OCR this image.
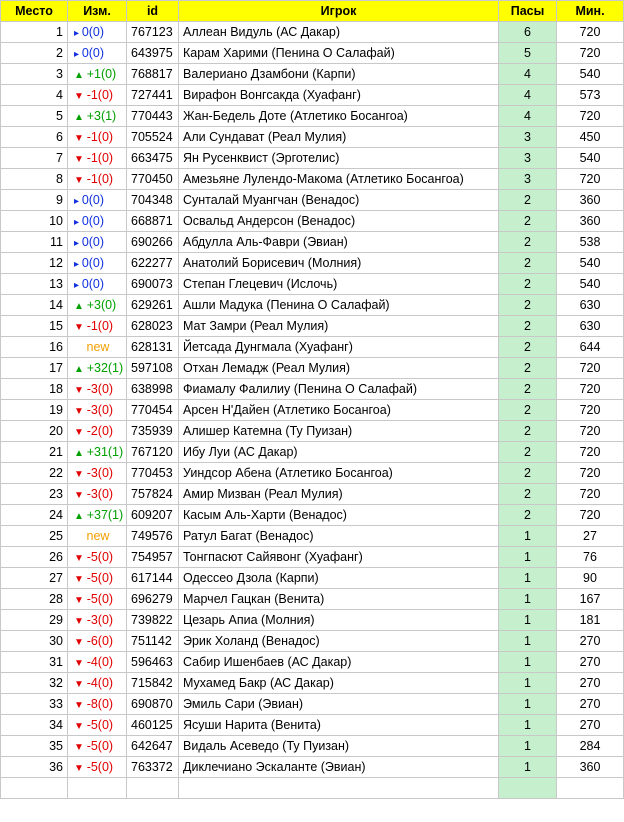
Место	Изм.	id	Игрок	Пасы	Мин.
1	▸ 0(0)	767123	Аллеан Видуль (АС Дакар)	6	720
2	▸ 0(0)	643975	Карам Харими (Пенина О Салафай)	5	720
3	▲ +1(0)	768817	Валериано Дзамбони (Карпи)	4	540
4	▼ -1(0)	727441	Вирафон Вонгсакда (Хуафанг)	4	573
5	▲ +3(1)	770443	Жан-Бедель Доте (Атлетико Босангоа)	4	720
6	▼ -1(0)	705524	Али Сундават (Реал Мулия)	3	450
7	▼ -1(0)	663475	Ян Русенквист (Эрготелис)	3	540
8	▼ -1(0)	770450	Амезьяне Лулендо-Макома (Атлетико Босангоа)	3	720
9	▸ 0(0)	704348	Сунталай Муангчан (Венадос)	2	360
10	▸ 0(0)	668871	Освальд Андерсон (Венадос)	2	360
11	▸ 0(0)	690266	Абдулла Аль-Фаври (Эвиан)	2	538
12	▸ 0(0)	622277	Анатолий Борисевич (Молния)	2	540
13	▸ 0(0)	690073	Степан Глецевич (Ислочь)	2	540
14	▲ +3(0)	629261	Ашли Мадука (Пенина О Салафай)	2	630
15	▼ -1(0)	628023	Мат Замри (Реал Мулия)	2	630
16	new	628131	Йетсада Дунгмала (Хуафанг)	2	644
17	▲ +32(1)	597108	Отхан Лемадж (Реал Мулия)	2	720
18	▼ -3(0)	638998	Фиамалу Фалилиу (Пенина О Салафай)	2	720
19	▼ -3(0)	770454	Арсен Н'Дайен (Атлетико Босангоа)	2	720
20	▼ -2(0)	735939	Алишер Катемна (Ту Пуизан)	2	720
21	▲ +31(1)	767120	Ибу Луи (АС Дакар)	2	720
22	▼ -3(0)	770453	Уиндсор Абена (Атлетико Босангоа)	2	720
23	▼ -3(0)	757824	Амир Мизван (Реал Мулия)	2	720
24	▲ +37(1)	609207	Касым Аль-Харти (Венадос)	2	720
25	new	749576	Ратул Багат (Венадос)	1	27
26	▼ -5(0)	754957	Тонгпасют Сайявонг (Хуафанг)	1	76
27	▼ -5(0)	617144	Одессео Дзола (Карпи)	1	90
28	▼ -5(0)	696279	Марчел Гацкан (Венита)	1	167
29	▼ -3(0)	739822	Цезарь Апиа (Молния)	1	181
30	▼ -6(0)	751142	Эрик Холанд (Венадос)	1	270
31	▼ -4(0)	596463	Сабир Ишенбаев (АС Дакар)	1	270
32	▼ -4(0)	715842	Мухамед Бакр (АС Дакар)	1	270
33	▼ -8(0)	690870	Эмиль Сари (Эвиан)	1	270
34	▼ -5(0)	460125	Ясуши Нарита (Венита)	1	270
35	▼ -5(0)	642647	Видаль Асеведо (Ту Пуизан)	1	284
36	▼ -5(0)	763372	Диклечиано Эскаланте (Эвиан)	1	360
